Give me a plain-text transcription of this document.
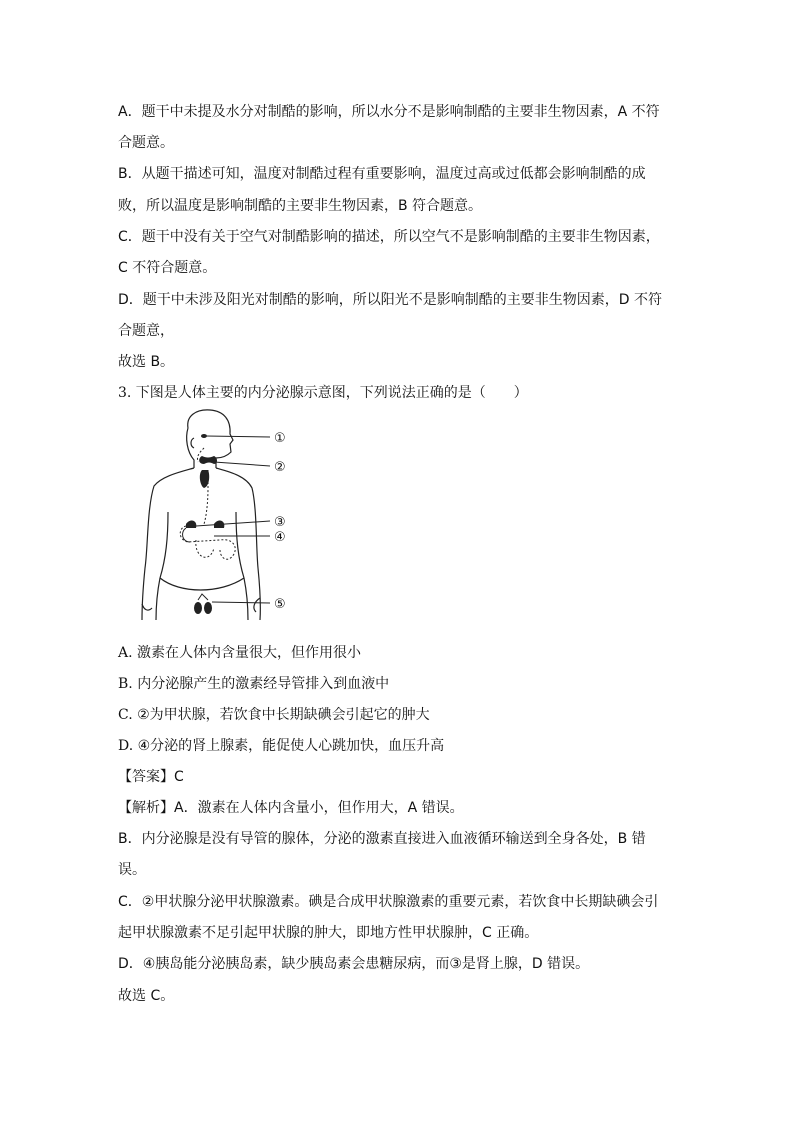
A．题干中未提及水分对制酷的影响，所以水分不是影响制酷的主要非生物因素，A 不符
合题意。
B．从题干描述可知，温度对制酷过程有重要影响，温度过高或过低都会影响制酷的成
败，所以温度是影响制酷的主要非生物因素，B 符合题意。
C．题干中没有关于空气对制酷影响的描述，所以空气不是影响制酷的主要非生物因素，
C 不符合题意。
D．题干中未涉及阳光对制酷的影响，所以阳光不是影响制酷的主要非生物因素，D 不符
合题意，
故选 B。
3. 下图是人体主要的内分泌腺示意图，下列说法正确的是（　　）
①
②
③
④
⑤
A. 激素在人体内含量很大，但作用很小
B. 内分泌腺产生的激素经导管排入到血液中
C. ②为甲状腺，若饮食中长期缺碘会引起它的肿大
D. ④分泌的肾上腺素，能促使人心跳加快，血压升高
【答案】C
【解析】A．激素在人体内含量小，但作用大，A 错误。
B．内分泌腺是没有导管的腺体，分泌的激素直接进入血液循环输送到全身各处，B 错
误。
C．②甲状腺分泌甲状腺激素。碘是合成甲状腺激素的重要元素，若饮食中长期缺碘会引
起甲状腺激素不足引起甲状腺的肿大，即地方性甲状腺肿，C 正确。
D．④胰岛能分泌胰岛素，缺少胰岛素会患糖尿病，而③是肾上腺，D 错误。
故选 C。
